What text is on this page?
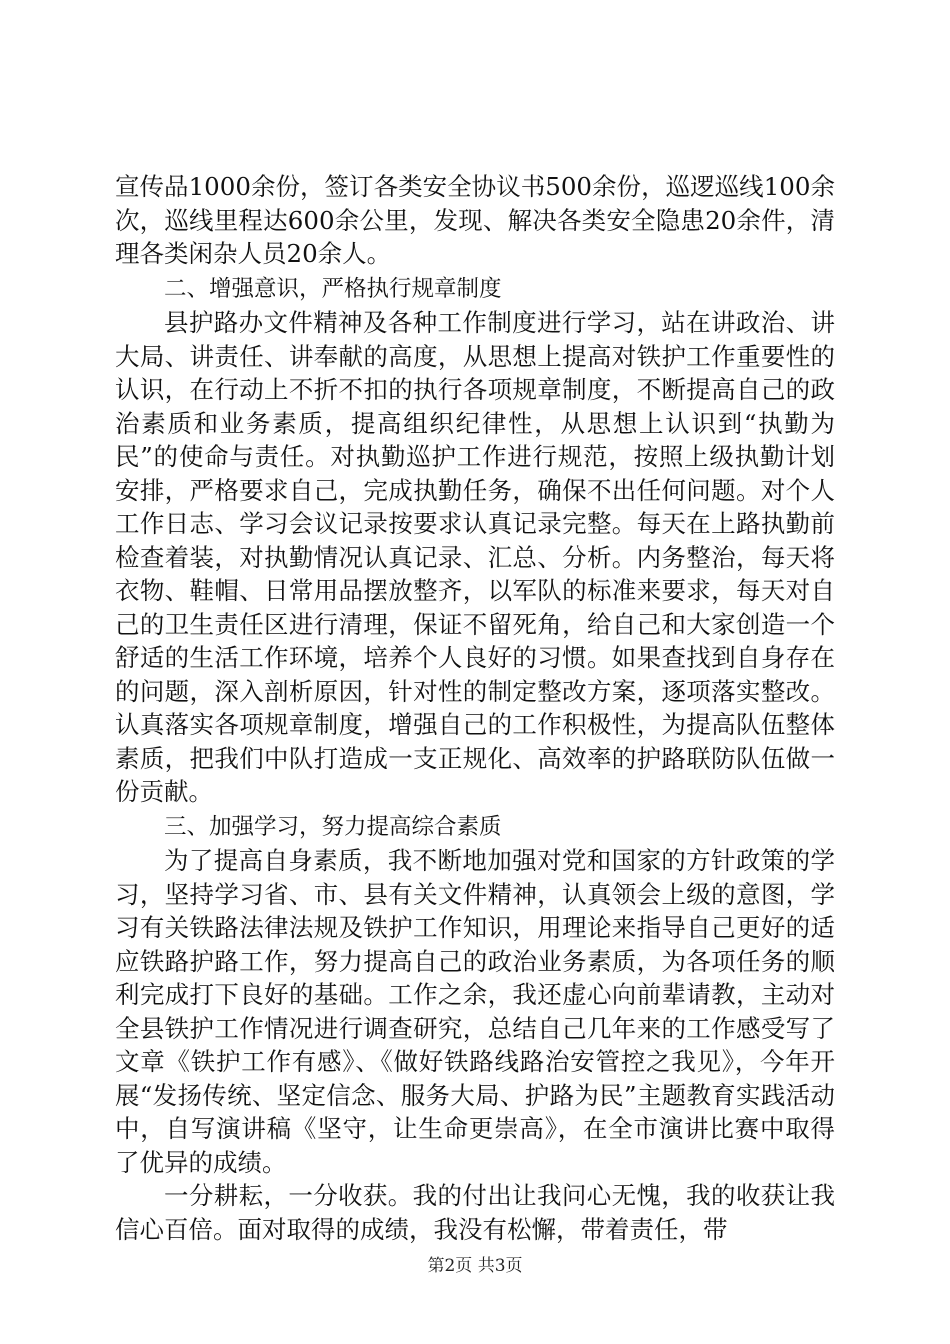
宣传品1000余份，签订各类安全协议书500余份，巡逻巡线100余次，巡线里程达600余公里，发现、解决各类安全隐患20余件，清理各类闲杂人员20余人。

二、增强意识，严格执行规章制度

县护路办文件精神及各种工作制度进行学习，站在讲政治、讲大局、讲责任、讲奉献的高度，从思想上提高对铁护工作重要性的认识，在行动上不折不扣的执行各项规章制度，不断提高自己的政治素质和业务素质，提高组织纪律性，从思想上认识到“执勤为民”的使命与责任。对执勤巡护工作进行规范，按照上级执勤计划安排，严格要求自己，完成执勤任务，确保不出任何问题。对个人工作日志、学习会议记录按要求认真记录完整。每天在上路执勤前检查着装，对执勤情况认真记录、汇总、分析。内务整治，每天将衣物、鞋帽、日常用品摆放整齐，以军队的标准来要求，每天对自己的卫生责任区进行清理，保证不留死角，给自己和大家创造一个舒适的生活工作环境，培养个人良好的习惯。如果查找到自身存在的问题，深入剖析原因，针对性的制定整改方案，逐项落实整改。认真落实各项规章制度，增强自己的工作积极性，为提高队伍整体素质，把我们中队打造成一支正规化、高效率的护路联防队伍做一份贡献。

三、加强学习，努力提高综合素质

为了提高自身素质，我不断地加强对党和国家的方针政策的学习，坚持学习省、市、县有关文件精神，认真领会上级的意图，学习有关铁路法律法规及铁护工作知识，用理论来指导自己更好的适应铁路护路工作，努力提高自己的政治业务素质，为各项任务的顺利完成打下良好的基础。工作之余，我还虚心向前辈请教，主动对全县铁护工作情况进行调查研究，总结自己几年来的工作感受写了文章《铁护工作有感》、《做好铁路线路治安管控之我见》，今年开展“发扬传统、坚定信念、服务大局、护路为民”主题教育实践活动中，自写演讲稿《坚守，让生命更崇高》，在全市演讲比赛中取得了优异的成绩。

一分耕耘，一分收获。我的付出让我问心无愧，我的收获让我信心百倍。面对取得的成绩，我没有松懈，带着责任，带

第2页 共3页
